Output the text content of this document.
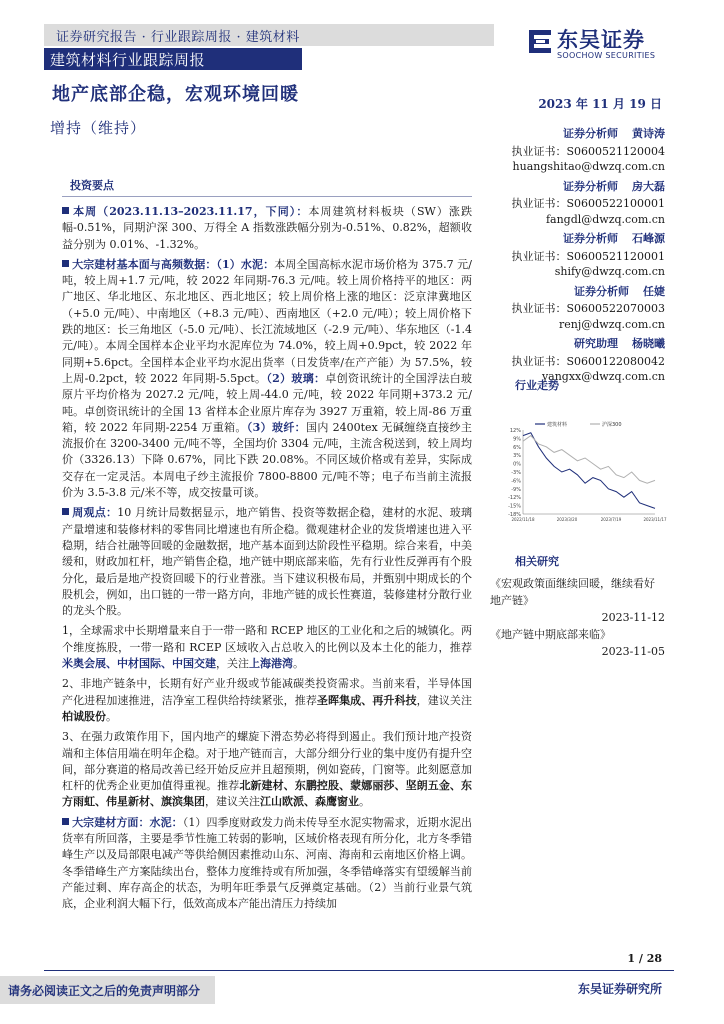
证券研究报告 · 行业跟踪周报 · 建筑材料
建筑材料行业跟踪周报
东吴证券
SOOCHOW SECURITIES
地产底部企稳，宏观环境回暖	2023 年 11 月 19 日
增持（维持）	证券分析师 黄诗涛
执业证书：S0600521120004
huangshitao@dwzq.com.cn
证券分析师 房大磊
执业证书：S0600522100001
fangdl@dwzq.com.cn
证券分析师 石峰源
执业证书：S0600521120001
shify@dwzq.com.cn
证券分析师 任婕
执业证书：S0600522070003
renj@dwzq.com.cn
研究助理 杨晓曦
执业证书：S0600122080042
yangxx@dwzq.com.cn
行业走势
12%
9%
6%
3%
0%
-3%
-6%
-9%
-12%
-15%
-18%
2022/11/18	2023/3/20	2023/7/19	2023/11/17
建筑材料	沪深300
相关研究
《宏观政策面继续回暖，继续看好地产链》
2023-11-12
《地产链中期底部来临》
2023-11-05
投资要点

本周（2023.11.13–2023.11.17，下同）：本周建筑材料板块（SW）涨跌幅-0.51%，同期沪深 300、万得全 A 指数涨跌幅分别为-0.51%、0.82%，超额收益分别为 0.01%、-1.32%。

大宗建材基本面与高频数据：（1）水泥：本周全国高标水泥市场价格为 375.7 元/吨，较上周+1.7 元/吨，较 2022 年同期-76.3 元/吨。较上周价格持平的地区：两广地区、华北地区、东北地区、西北地区；较上周价格上涨的地区：泛京津冀地区（+5.0 元/吨）、中南地区（+8.3 元/吨）、西南地区（+2.0 元/吨）；较上周价格下跌的地区：长三角地区（-5.0 元/吨）、长江流域地区（-2.9 元/吨）、华东地区（-1.4 元/吨）。本周全国样本企业平均水泥库位为 74.0%，较上周+0.9pct，较 2022 年同期+5.6pct。全国样本企业平均水泥出货率（日发货率/在产产能）为 57.5%，较上周-0.2pct，较 2022 年同期-5.5pct。（2）玻璃：卓创资讯统计的全国浮法白玻原片平均价格为 2027.2 元/吨，较上周-44.0 元/吨，较 2022 年同期+373.2 元/吨。卓创资讯统计的全国 13 省样本企业原片库存为 3927 万重箱，较上周-86 万重箱，较 2022 年同期-2254 万重箱。（3）玻纤：国内 2400tex 无碱缠绕直接纱主流报价在 3200-3400 元/吨不等，全国均价 3304 元/吨，主流含税送到，较上周均价（3326.13）下降 0.67%，同比下跌 20.08%。不同区域价格或有差异，实际成交存在一定灵活。本周电子纱主流报价 7800-8800 元/吨不等；电子布当前主流报价为 3.5-3.8 元/米不等，成交按量可谈。

周观点：10 月统计局数据显示，地产销售、投资等数据企稳，建材的水泥、玻璃产量增速和装修材料的零售同比增速也有所企稳。微观建材企业的发货增速也进入平稳期，结合社融等回暖的金融数据，地产基本面到达阶段性平稳期。综合来看，中美缓和，财政加杠杆，地产销售企稳，地产链中期底部来临，先有行业性反弹再有个股分化，最后是地产投资回暖下的行业普涨。当下建议积极布局，并甄别中期成长的个股机会，例如，出口链的一带一路方向，非地产链的成长性赛道，装修建材分散行业的龙头个股。

1，全球需求中长期增量来自于一带一路和 RCEP 地区的工业化和之后的城镇化。两个维度拣股，一带一路和 RCEP 区域收入占总收入的比例以及本土化的能力，推荐米奥会展、中材国际、中国交建，关注上海港湾。

2、非地产链条中，长期有好产业升级或节能减碳类投资需求。当前来看，半导体国产化进程加速推进，洁净室工程供给持续紧张，推荐圣晖集成、再升科技，建议关注柏诚股份。

3、在强力政策作用下，国内地产的螺旋下滑态势必将得到遏止。我们预计地产投资端和主体信用端在明年企稳。对于地产链而言，大部分细分行业的集中度仍有提升空间，部分赛道的格局改善已经开始反应并且超预期，例如瓷砖，门窗等。此刻愿意加杠杆的优秀企业更加值得重视。推荐北新建材、东鹏控股、蒙娜丽莎、坚朗五金、东方雨虹、伟星新材、旗滨集团，建议关注江山欧派、森鹰窗业。

大宗建材方面：水泥：（1）四季度财政发力尚未传导至水泥实物需求，近期水泥出货率有所回落，主要是季节性施工转弱的影响，区域价格表现有所分化，北方冬季错峰生产以及局部限电减产等供给侧因素推动山东、河南、海南和云南地区价格上调。冬季错峰生产方案陆续出台，整体力度维持或有所加强，冬季错峰落实有望缓解当前产能过剩、库存高企的状态，为明年旺季景气反弹奠定基础。（2）当前行业景气筑底，企业利润大幅下行，低效高成本产能出清压力持续加

1 / 28
请务必阅读正文之后的免责声明部分	东吴证券研究所
